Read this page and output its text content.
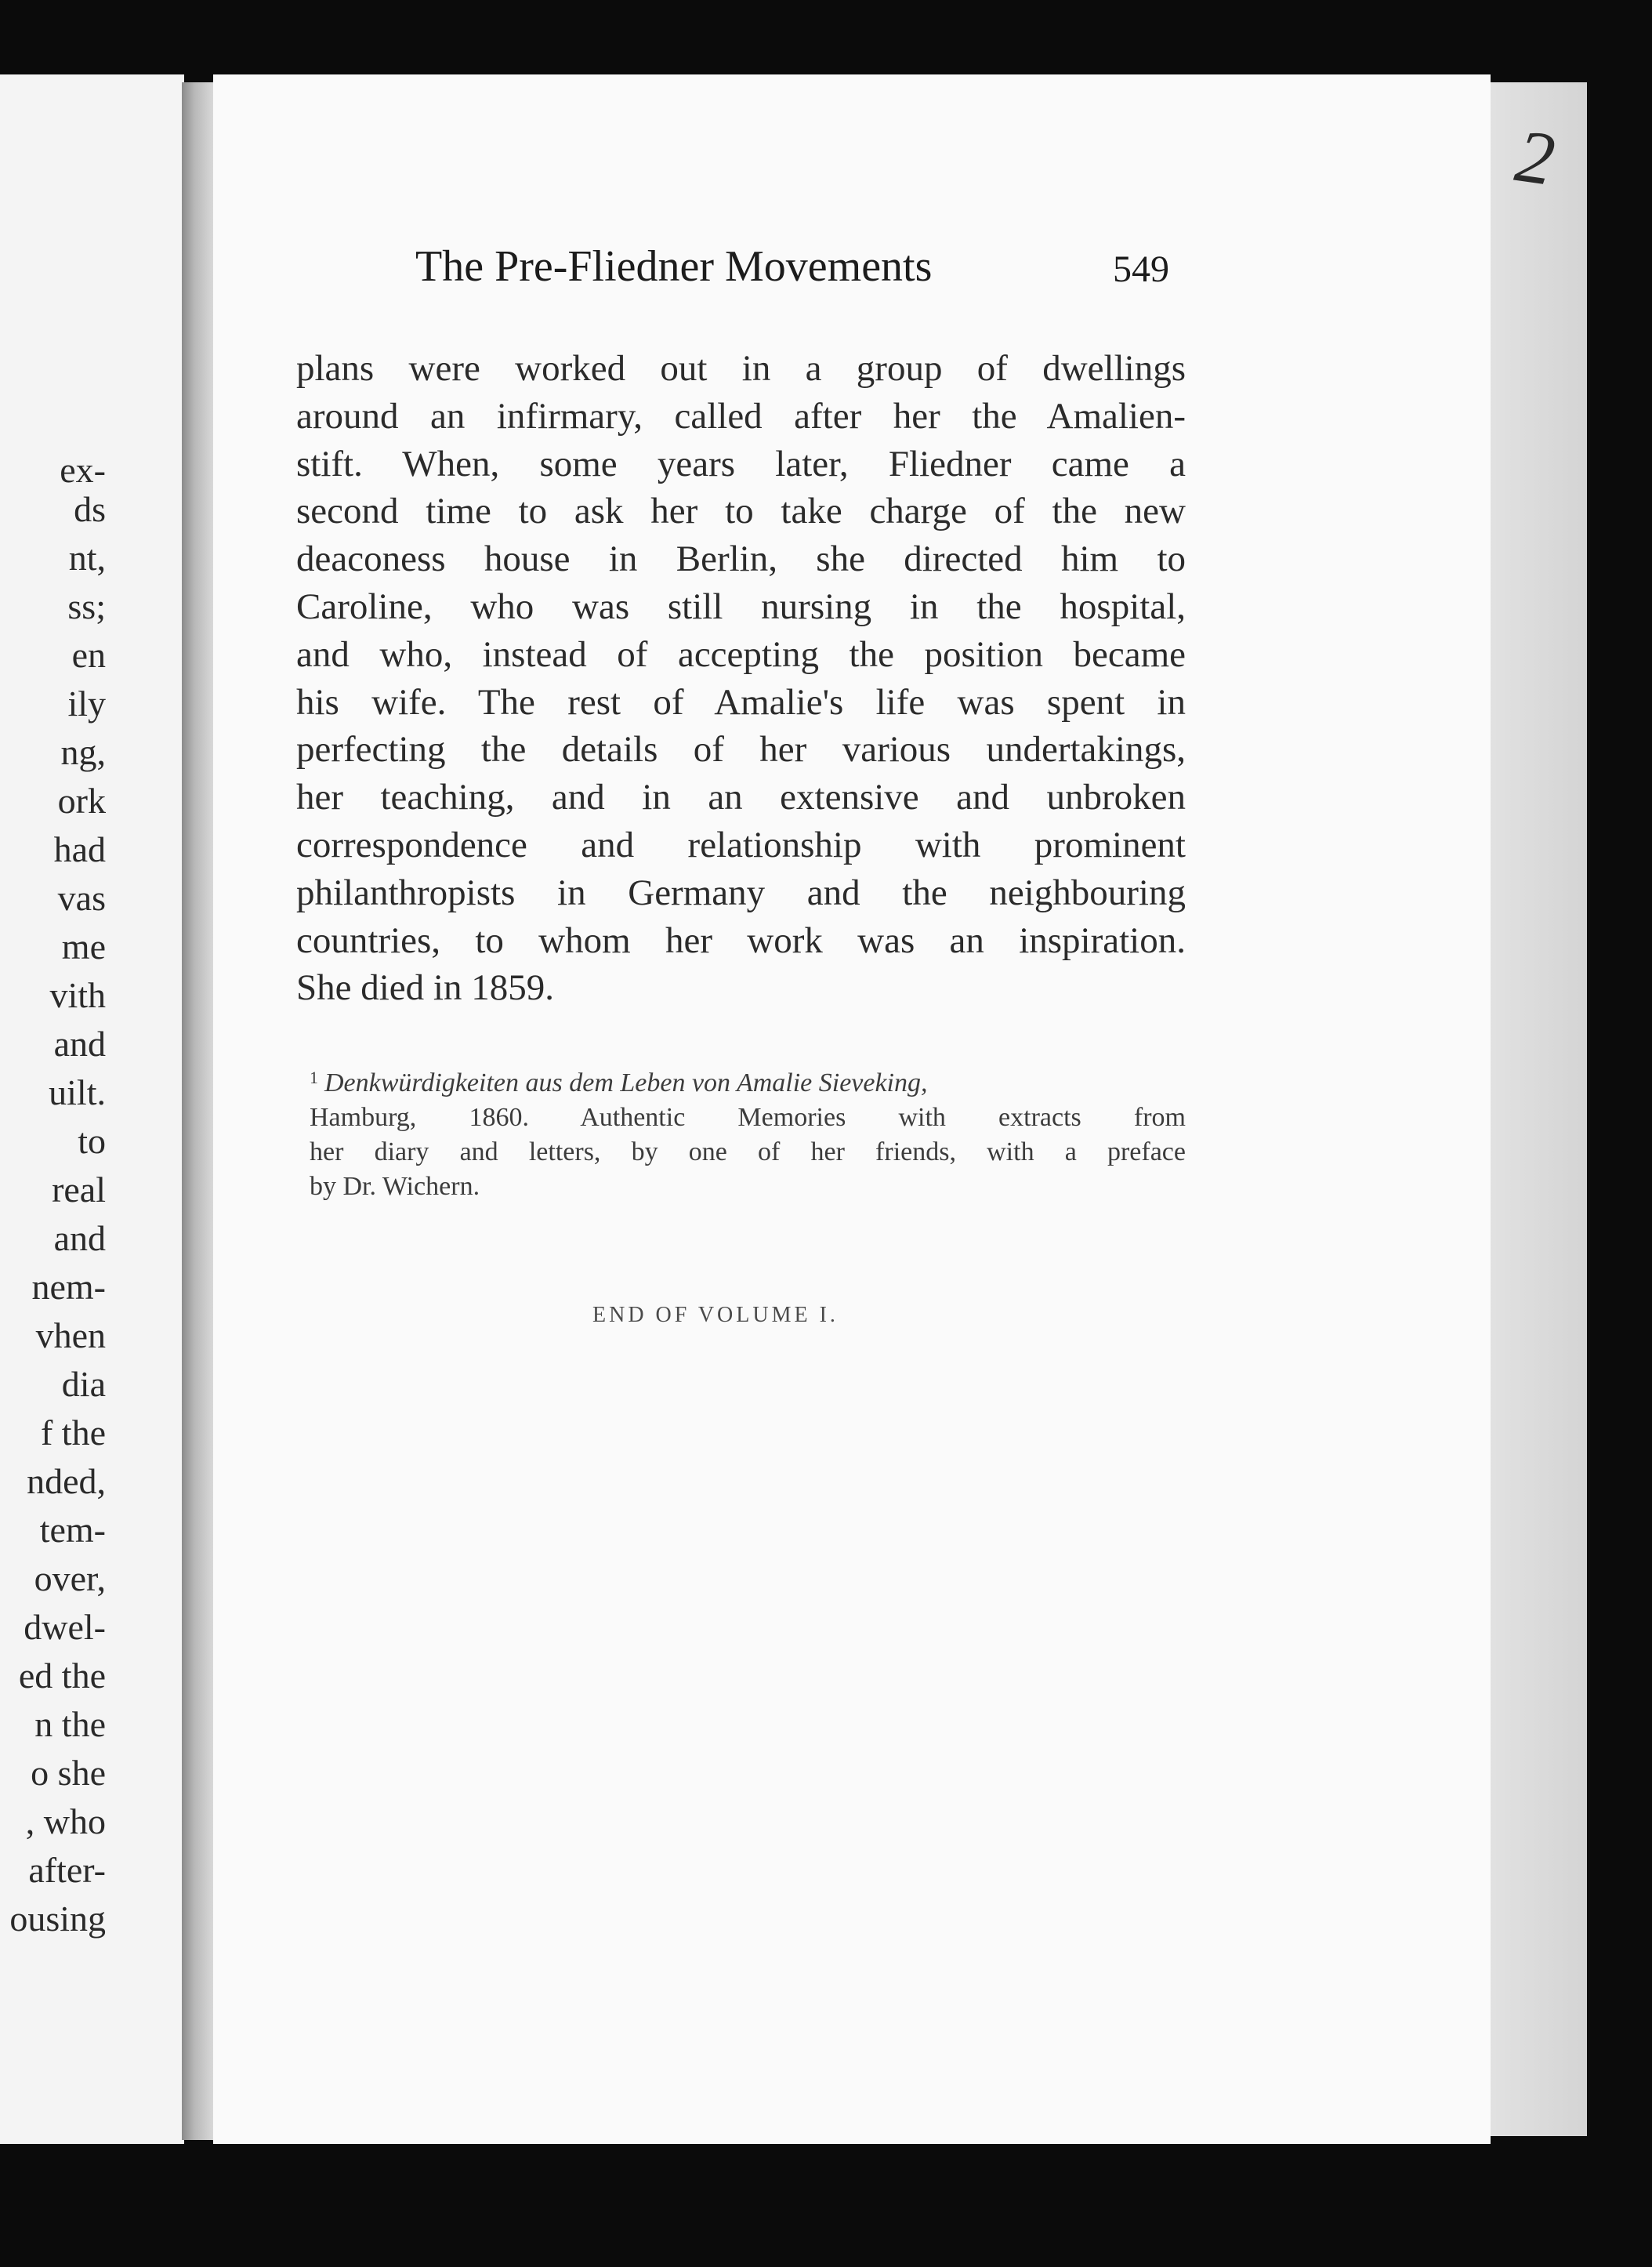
ex-
ds
nt,
ss;
en
ily
ng,
ork
had
vas
me
vith
and
uilt.
to
real
and
nem-
vhen
dia
f the
nded,
tem-
over,
dwel-
ed the
n the
o she
, who
after-
ousing
2
The Pre-Fliedner Movements	549
plans were worked out in a group of dwellings
around an infirmary, called after her the Amalien-
stift. When, some years later, Fliedner came a
second time to ask her to take charge of the new
deaconess house in Berlin, she directed him to
Caroline, who was still nursing in the hospital,
and who, instead of accepting the position became
his wife. The rest of Amalie's life was spent in
perfecting the details of her various undertakings,
her teaching, and in an extensive and unbroken
correspondence and relationship with prominent
philanthropists in Germany and the neighbouring
countries, to whom her work was an inspiration.
She died in 1859.
$^1$ Denkwürdigkeiten aus dem Leben von Amalie Sieveking,
Hamburg, 1860. Authentic Memories with extracts from
her diary and letters, by one of her friends, with a preface
by Dr. Wichern.
END OF VOLUME I.
